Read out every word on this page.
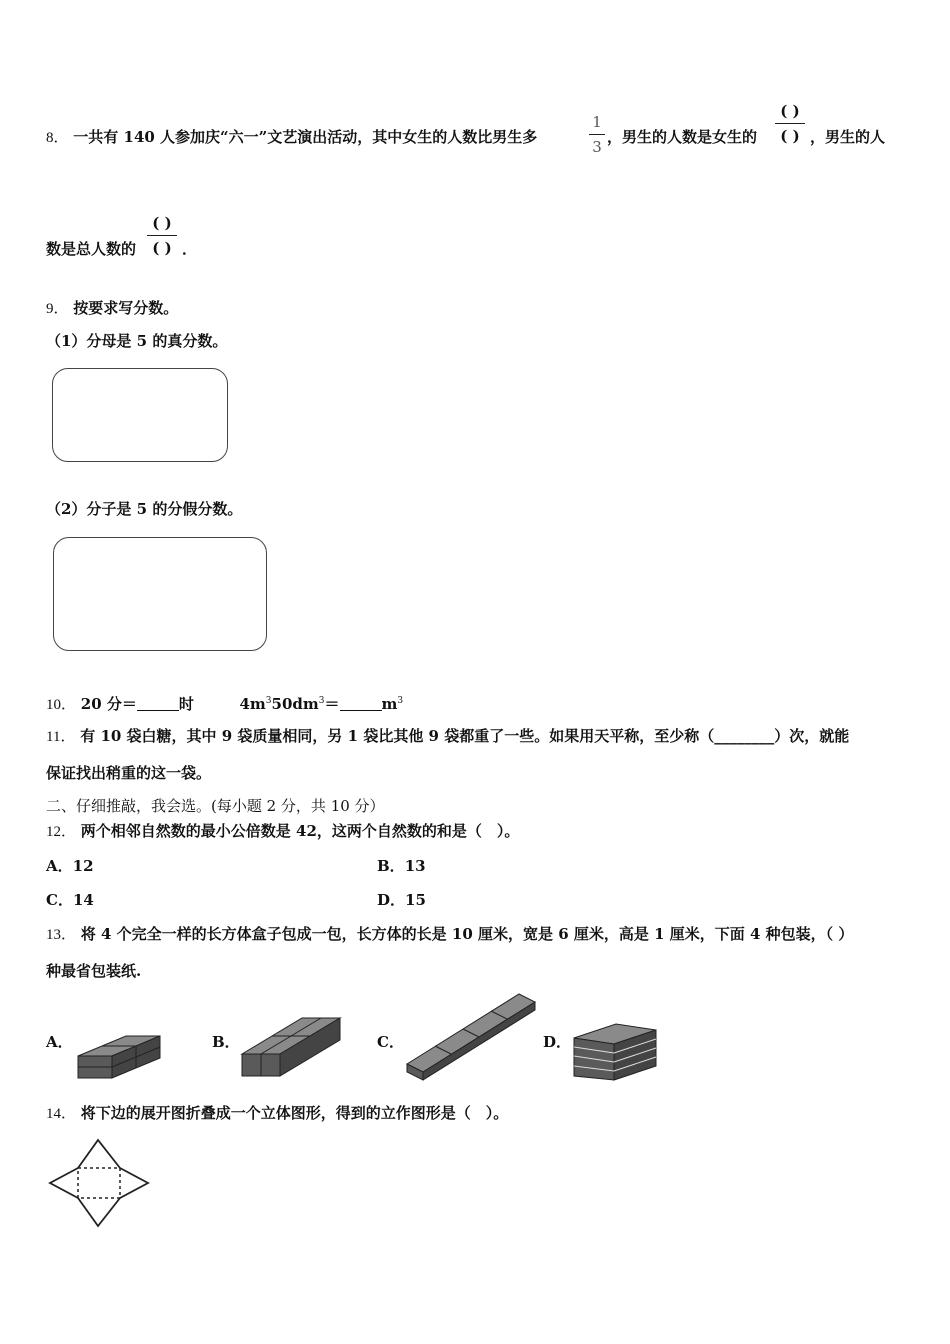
8． 一共有 140 人参加庆“六一”文艺演出活动，其中女生的人数比男生多
1
3
，男生的人数是女生的
( )
( ) ，男生的人
数是总人数的
( )
( ) ．
9． 按要求写分数。
（1）分母是 5 的真分数。
（2）分子是 5 的分假分数。
10． 20 分＝	时	$4m^350dm^3=$	$m^3$
11． 有 10 袋白糖，其中 9 袋质量相同，另 1 袋比其他 9 袋都重了一些。如果用天平称，至少称（________）次，就能
保证找出稍重的这一袋。
二、仔细推敲，我会选。(每小题 2 分，共 10 分）
12． 两个相邻自然数的最小公倍数是 42，这两个自然数的和是（　）。
A．12	B．13
C．14	D．15
13． 将 4 个完全一样的长方体盒子包成一包，长方体的长是 10 厘米，宽是 6 厘米，高是 1 厘米，下面 4 种包装，（ ）
种最省包装纸.
A．	B．	C．	D．
14． 将下边的展开图折叠成一个立体图形，得到的立作图形是（　）。
